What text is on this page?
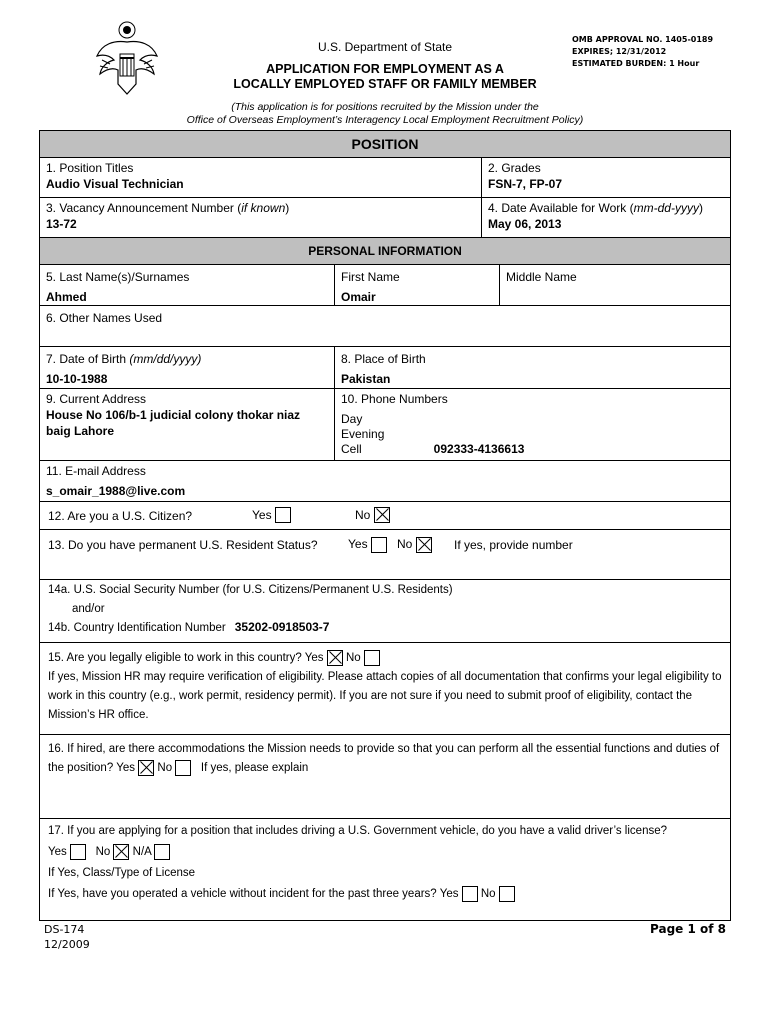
U.S. Department of State
APPLICATION FOR EMPLOYMENT AS A
LOCALLY EMPLOYED STAFF OR FAMILY MEMBER
OMB APPROVAL NO. 1405-0189
EXPIRES; 12/31/2012
ESTIMATED BURDEN: 1 Hour
(This application is for positions recruited by the Mission under the
Office of Overseas Employment’s Interagency Local Employment Recruitment Policy)
POSITION
1. Position Titles
Audio Visual Technician
2. Grades
FSN-7, FP-07
3. Vacancy Announcement Number (if known)
13-72
4. Date Available for Work (mm-dd-yyyy)
May 06, 2013
PERSONAL INFORMATION
5. Last Name(s)/Surnames
Ahmed
First Name
Omair
Middle Name
6. Other Names Used
7. Date of Birth (mm/dd/yyyy)
10-10-1988
8. Place of Birth
Pakistan
9. Current Address
House No 106/b-1 judicial colony thokar niaz baig Lahore
10. Phone Numbers
Day
Evening
Cell	092333-4136613
11. E-mail Address
s_omair_1988@live.com
12. Are you a U.S. Citizen?	Yes	No
13. Do you have permanent U.S. Resident Status?	Yes	No	If yes, provide number
14a. U.S. Social Security Number (for U.S. Citizens/Permanent U.S. Residents)
and/or
14b. Country Identification Number 35202-0918503-7
15. Are you legally eligible to work in this country? Yes No
If yes, Mission HR may require verification of eligibility. Please attach copies of all documentation that confirms your legal eligibility to work in this country (e.g., work permit, residency permit). If you are not sure if you need to submit proof of eligibility, contact the Mission’s HR office.
16. If hired, are there accommodations the Mission needs to provide so that you can perform all the essential functions and duties of the position? Yes No	If yes, please explain
17. If you are applying for a position that includes driving a U.S. Government vehicle, do you have a valid driver’s license?
Yes	No N/A
If Yes, Class/Type of License
If Yes, have you operated a vehicle without incident for the past three years? Yes No
DS-174
12/2009
Page 1 of 8
